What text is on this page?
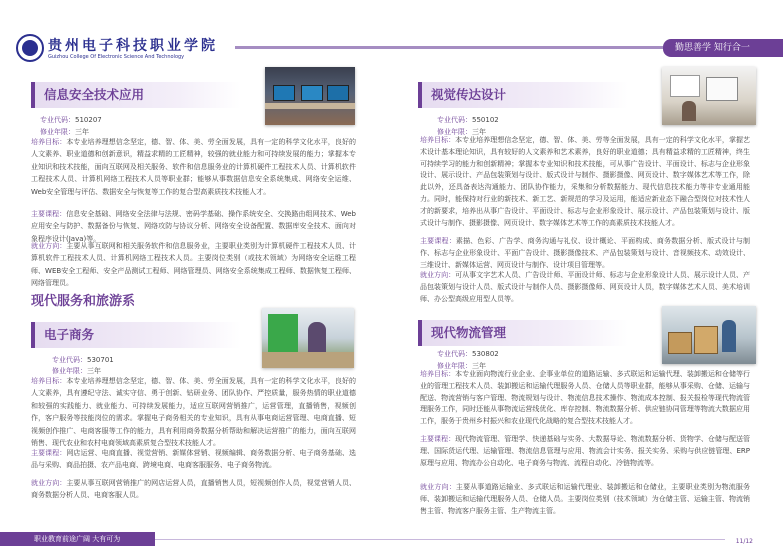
贵州电子科技职业学院
Guizhou College Of Electronic Science And Technology
勤思善学 知行合一
信息安全技术应用
专业代码：510207
修业年限：三年
培养目标：本专业培养理想信念坚定，德、智、体、美、劳全面发展，具有一定的科学文化水平，良好的人文素养、职业道德和创新意识，精益求精的工匠精神，较强的就业能力和可持续发展的能力；掌握本专业知识和技术技能，面向互联网及相关服务、软件和信息服务业的计算机硬件工程技术人员、计算机软件工程技术人员、计算机网络工程技术人员等职业群；能够从事数据信息安全系统集成、网络安全运维、Web安全管理与评估、数据安全与恢复等工作的复合型高素质技术技能人才。
主要课程：信息安全基础、网络安全法律与法规、密码学基础、操作系统安全、交换路由组网技术、Web应用安全与防护、数据备份与恢复、网络攻防与协议分析、网络安全设备配置、数据库安全技术、面向对象程序设计(Java)等。
就业方向：主要从事互联网和相关服务软件和信息服务业，主要职业类别为计算机硬件工程技术人员、计算机软件工程技术人员、计算机网络工程技术人员。主要岗位类别（或技术领域）为网络安全运维工程师、WEB安全工程师、安全产品测试工程师、网络管理员、网络安全系统集成工程师、数据恢复工程师、网络管理员。
现代服务和旅游系
电子商务
专业代码：530701
修业年限：三年
培养目标：本专业培养理想信念坚定，德、智、体、美、劳全面发展，具有一定的科学文化水平，良好的人文素养，具有遵纪守法、诚实守信、勇于创新、钻研业务、团队协作、严控质量，服务热情的职业道德和较强的实践能力、就业能力、可持续发展能力，适应互联网营销推广，运营管理，直播销售，视频创作，客户服务等技能岗位的需求。掌握电子商务相关的专业知识，具有从事电商运营管理、电商直播、短视频创作推广、电商客服等工作的能力，具有利用商务数据分析帮助和解决运营推广的能力，面向互联网销售、现代农业和农村电商领域高素质复合型技术技能人才。
主要课程：网店运营、电商直播、视觉营销、新媒体营销、视频编辑、商务数据分析、电子商务基础、选品与采购、商品拍摄、农产品电商、跨境电商、电商客服服务、电子商务物流。
就业方向：主要从事互联网营销推广的网店运营人员，直播销售人员，短视频创作人员，视觉营销人员、商务数据分析人员、电商客服人员。
视觉传达设计
专业代码：550102
修业年限：三年
培养目标：本专业培养理想信念坚定，德、智、体、美、劳等全面发展，具有一定的科学文化水平，掌握艺术设计基本理论知识，具有较好的人文素养和艺术素养，良好的职业道德；具有精益求精的工匠精神，终生可持续学习的能力和创新精神；掌握本专业知识和技术技能，可从事广告设计、平面设计、标志与企业形象设计、展示设计、产品包装策划与设计、版式设计与制作、摄影摄像、网页设计、数字媒体艺术等工作，除此以外，还具备表达沟通能力、团队协作能力，采集和分析数据能力、现代信息技术能力等非专业通用能力。同时，能保持对行业的新技术、新工艺、新规范的学习及运用，能适应新业态下融合型岗位对技术性人才的新要求，培养出从事广告设计、平面设计、标志与企业形象设计、展示设计、产品包装策划与设计、版式设计与制作、摄影摄像、网页设计、数字媒体艺术等工作的高素质技术技能人才。
主要课程：素描、色彩、广告学、商务沟通与礼仪、设计概论、平面构成、商务数据分析、版式设计与制作、标志与企业形象设计、平面广告设计、摄影摄像技术、产品包装策划与设计、音视频技术、动效设计、三维设计、新媒体运营、网页设计与制作、设计项目管理等。
就业方向：可从事文字艺术人员、广告设计师、平面设计师、标志与企业形象设计人员、展示设计人员、产品包装策划与设计人员、版式设计与制作人员、摄影摄像师、网页设计人员，数字媒体艺术人员、美术培训师、办公型高级应用型人员等。
现代物流管理
专业代码：530802
修业年限：三年
培养目标：本专业面向物流行业企业、企事业单位的道路运输、多式联运和运输代理、装卸搬运和仓储等行业的管理工程技术人员、装卸搬运和运输代理服务人员、仓储人员等职业群，能够从事采购、仓储、运输与配送、物流营销与客户管理、物流规划与设计、物流信息技术操作、物流成本控制、报关报检等现代物流管理服务工作，同时还能从事物流运营线优化、库存控制、物流数据分析、供应链协同管理等物流大数据应用工作，服务于贵州乡村振兴和农业现代化战略的复合型技术技能人才。
主要课程：现代物流管理、管理学、快递基础与实务、大数据导论、物流数据分析、货物学、仓储与配送管理、国际货运代理、运输管理、物流信息管理与应用、物流会计实务、报关实务、采购与供应链管理、ERP原理与应用、物流办公自动化、电子商务与物流、流程自动化、冷链物流等。
就业方向：主要从事道路运输业、多式联运和运输代理业、装卸搬运和仓储业，主要职业类别为物流服务师、装卸搬运和运输代理服务人员、仓储人员。主要岗位类别（技术领域）为仓储主管、运输主管、物流销售主管、物流客户服务主管、生产物流主管。
职业教育前途广阔 大有可为	11/12
